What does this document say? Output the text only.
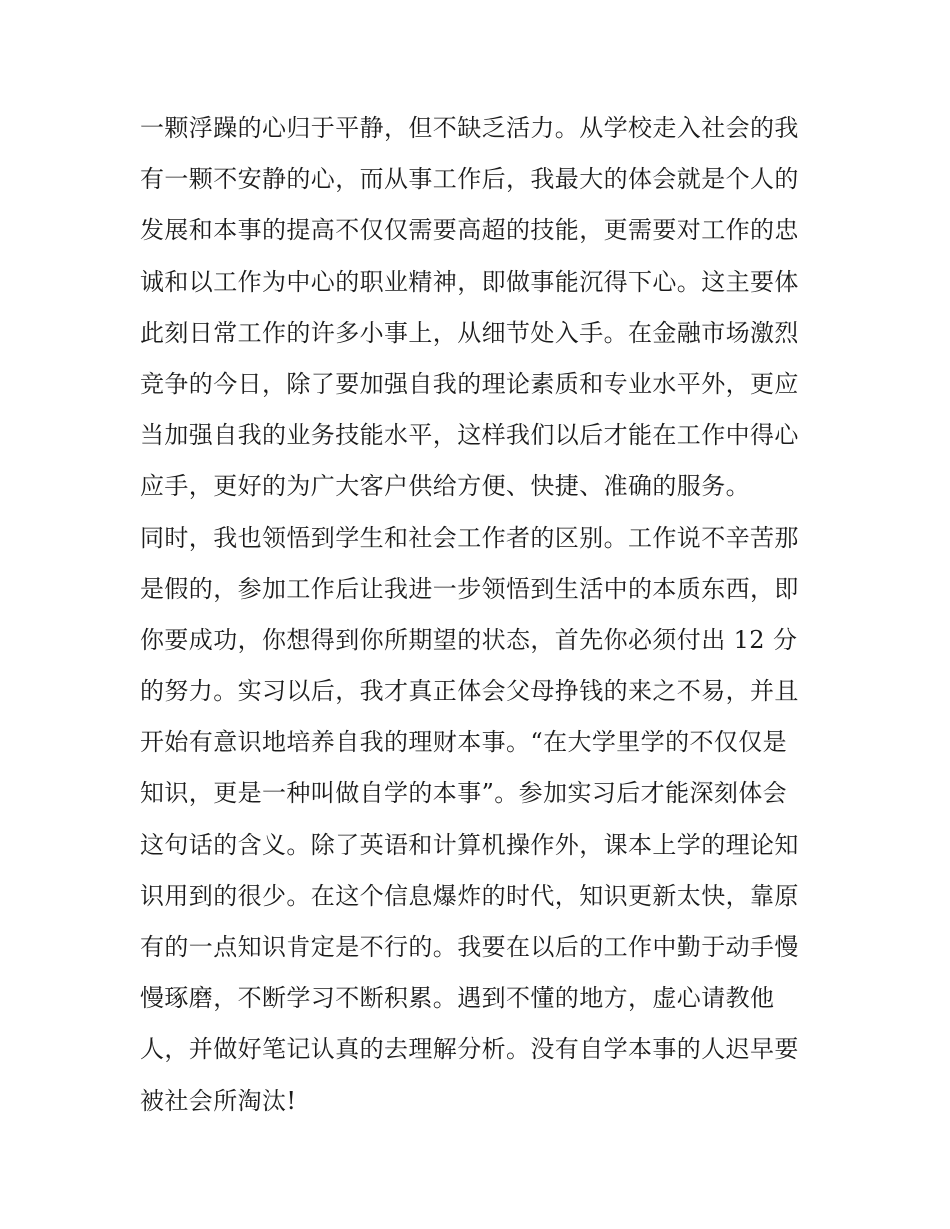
一颗浮躁的心归于平静，但不缺乏活力。从学校走入社会的我
有一颗不安静的心，而从事工作后，我最大的体会就是个人的
发展和本事的提高不仅仅需要高超的技能，更需要对工作的忠
诚和以工作为中心的职业精神，即做事能沉得下心。这主要体
此刻日常工作的许多小事上，从细节处入手。在金融市场激烈
竞争的今日，除了要加强自我的理论素质和专业水平外，更应
当加强自我的业务技能水平，这样我们以后才能在工作中得心
应手，更好的为广大客户供给方便、快捷、准确的服务。
同时，我也领悟到学生和社会工作者的区别。工作说不辛苦那
是假的，参加工作后让我进一步领悟到生活中的本质东西，即
你要成功，你想得到你所期望的状态，首先你必须付出 12 分
的努力。实习以后，我才真正体会父母挣钱的来之不易，并且
开始有意识地培养自我的理财本事。“在大学里学的不仅仅是
知识，更是一种叫做自学的本事”。参加实习后才能深刻体会
这句话的含义。除了英语和计算机操作外，课本上学的理论知
识用到的很少。在这个信息爆炸的时代，知识更新太快，靠原
有的一点知识肯定是不行的。我要在以后的工作中勤于动手慢
慢琢磨，不断学习不断积累。遇到不懂的地方，虚心请教他
人，并做好笔记认真的去理解分析。没有自学本事的人迟早要
被社会所淘汰!
